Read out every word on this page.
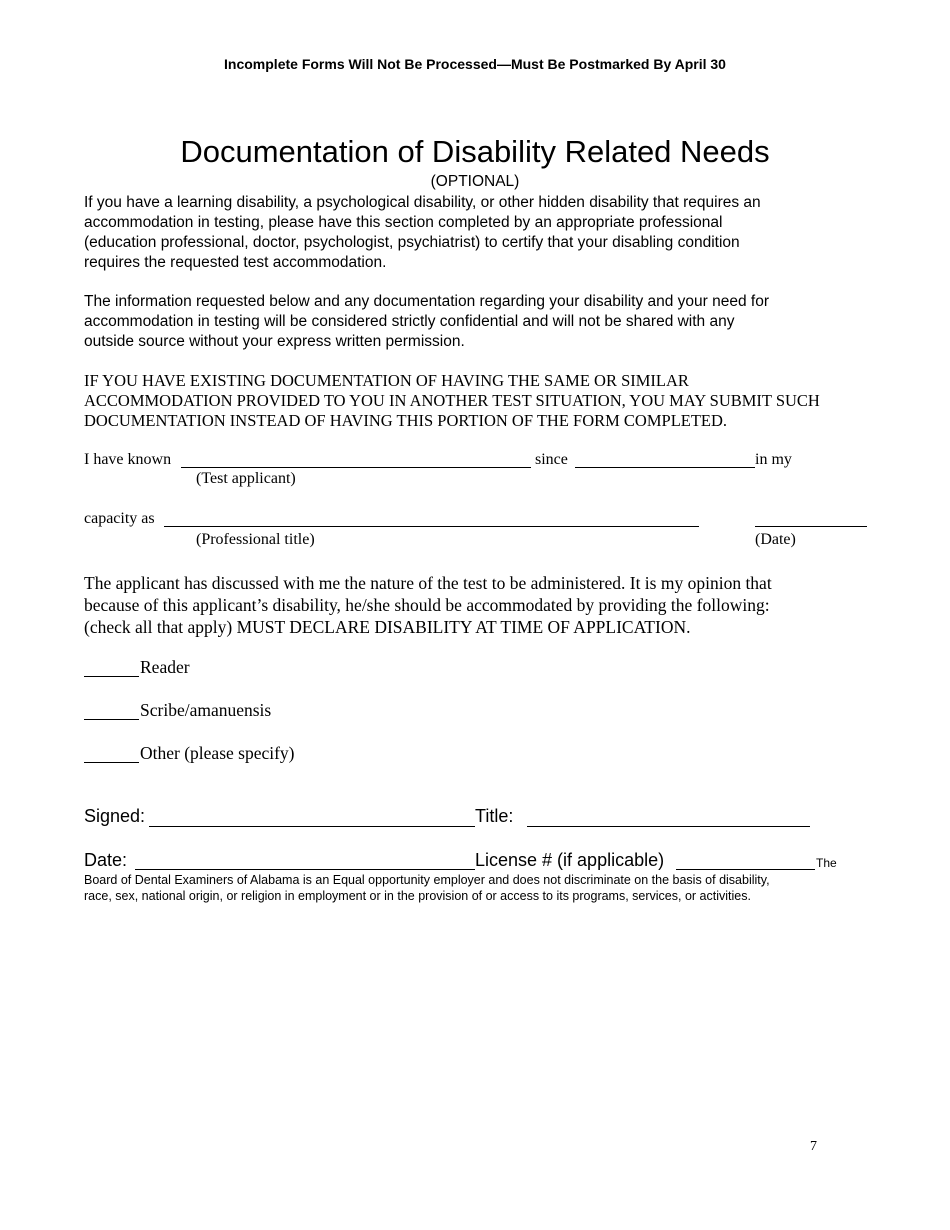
Incomplete Forms Will Not Be Processed—Must Be Postmarked By April 30
Documentation of Disability Related Needs
(OPTIONAL)
If you have a learning disability, a psychological disability, or other hidden disability that requires an
accommodation in testing, please have this section completed by an appropriate professional
(education professional, doctor, psychologist, psychiatrist) to certify that your disabling condition
requires the requested test accommodation.
The information requested below and any documentation regarding your disability and your need for
accommodation in testing will be considered strictly confidential and will not be shared with any
outside source without your express written permission.
IF YOU HAVE EXISTING DOCUMENTATION OF HAVING THE SAME OR SIMILAR
ACCOMMODATION PROVIDED TO YOU IN ANOTHER TEST SITUATION, YOU MAY SUBMIT SUCH
DOCUMENTATION INSTEAD OF HAVING THIS PORTION OF THE FORM COMPLETED.
I have known	since	in my
(Test applicant)
capacity as
(Professional title)	(Date)
The applicant has discussed with me the nature of the test to be administered. It is my opinion that
because of this applicant’s disability, he/she should be accommodated by providing the following:
(check all that apply) MUST DECLARE DISABILITY AT TIME OF APPLICATION.
Reader
Scribe/amanuensis
Other (please specify)
Signed:	Title:
Date:	License # (if applicable)	The
Board of Dental Examiners of Alabama is an Equal opportunity employer and does not discriminate on the basis of disability,
race, sex, national origin, or religion in employment or in the provision of or access to its programs, services, or activities.
7
